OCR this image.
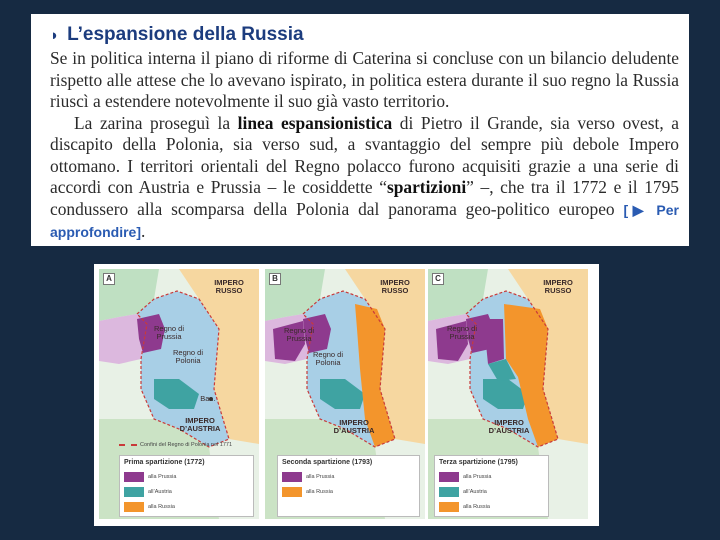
◗ L’espansione della Russia

Se in politica interna il piano di riforme di Caterina si concluse con un bilancio deludente rispetto alle attese che lo avevano ispirato, in politica estera durante il suo regno la Russia riuscì a estendere notevolmente il suo già vasto territorio.

La zarina proseguì la linea espansionistica di Pietro il Grande, sia verso ovest, a discapito della Polonia, sia verso sud, a svantaggio del sempre più debole Impero ottomano. I territori orientali del Regno polacco furono acquisiti grazie a una serie di accordi con Austria e Prussia – le cosiddette “spartizioni” –, che tra il 1772 e il 1795 condussero alla scomparsa della Polonia dal panorama geo-politico europeo [▶ Per approfondire].

A	IMPERO RUSSO
Regno di Prussia
Regno di Polonia
Ba...
IMPERO D’AUSTRIA
Confini del Regno di Polonia nel 1771
Prima spartizione (1772)
alla Prussia
all’Austria
alla Russia
B	IMPERO RUSSO
Regno di Prussia
Regno di Polonia
IMPERO D’AUSTRIA
Seconda spartizione (1793)
alla Prussia
alla Russia
C	IMPERO RUSSO
Regno di Prussia
IMPERO D’AUSTRIA
Terza spartizione (1795)
alla Prussia
all’Austria
alla Russia
